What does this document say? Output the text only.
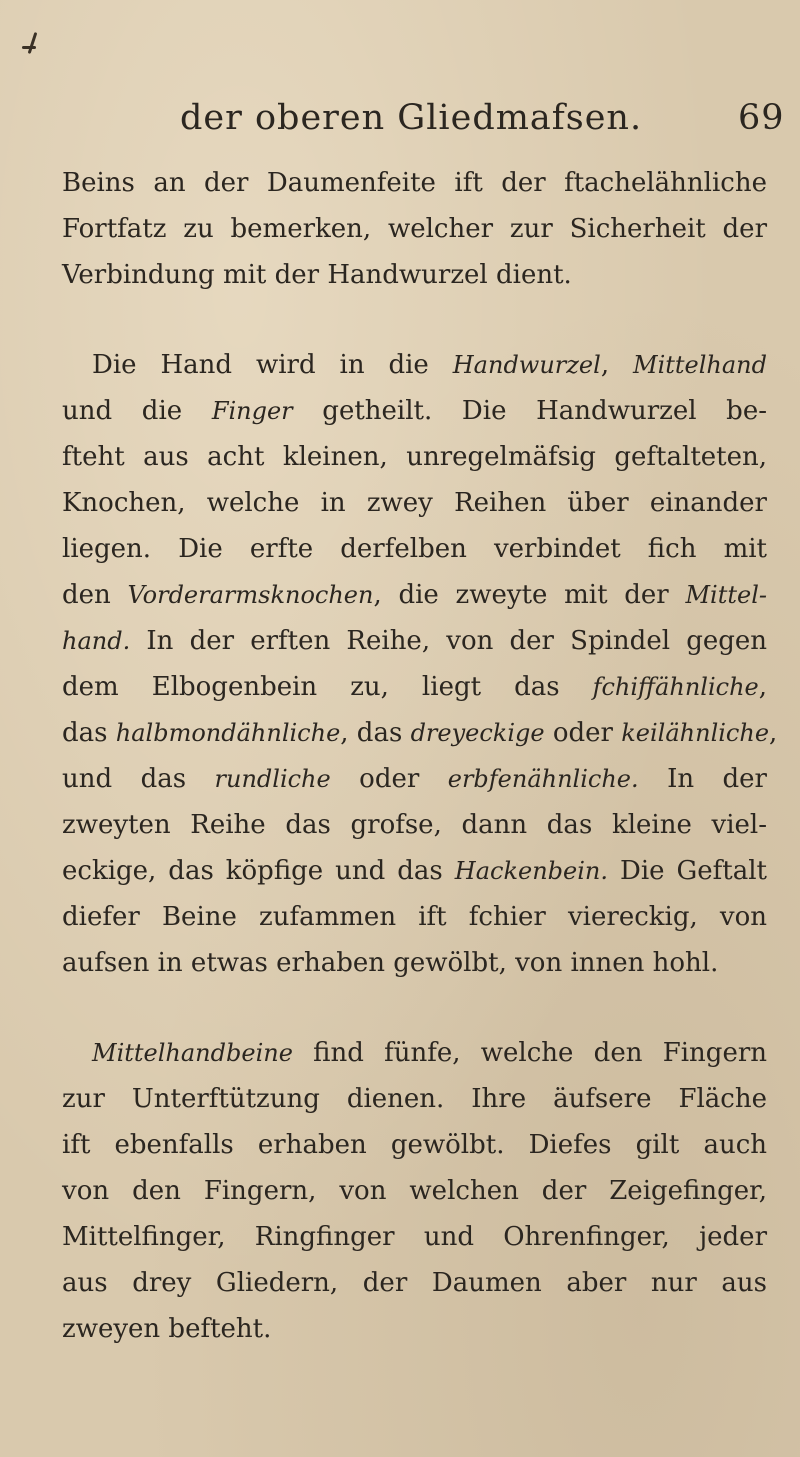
der oberen Gliedmafsen.	69
Beins an der Daumenfeite ift der ftachelähnliche
Fortfatz zu bemerken, welcher zur Sicherheit der
Verbindung mit der Handwurzel dient.
Die Hand wird in die Handwurzel, Mittelhand
und die Finger getheilt. Die Handwurzel be-
fteht aus acht kleinen, unregelmäfsig geftalteten,
Knochen, welche in zwey Reihen über einander
liegen. Die erfte derfelben verbindet fich mit
den Vorderarmsknochen, die zweyte mit der Mittel-
hand. In der erften Reihe, von der Spindel gegen
dem Elbogenbein zu, liegt das fchiffähnliche,
das halbmondähnliche, das dreyeckige oder keilähnliche,
und das rundliche oder erbfenähnliche. In der
zweyten Reihe das grofse, dann das kleine viel-
eckige, das köpfige und das Hackenbein. Die Geftalt
diefer Beine zufammen ift fchier viereckig, von
aufsen in etwas erhaben gewölbt, von innen hohl.
Mittelhandbeine find fünfe, welche den Fingern
zur Unterftützung dienen. Ihre äufsere Fläche
ift ebenfalls erhaben gewölbt. Diefes gilt auch
von den Fingern, von welchen der Zeigefinger,
Mittelfinger, Ringfinger und Ohrenfinger, jeder
aus drey Gliedern, der Daumen aber nur aus
zweyen befteht.
